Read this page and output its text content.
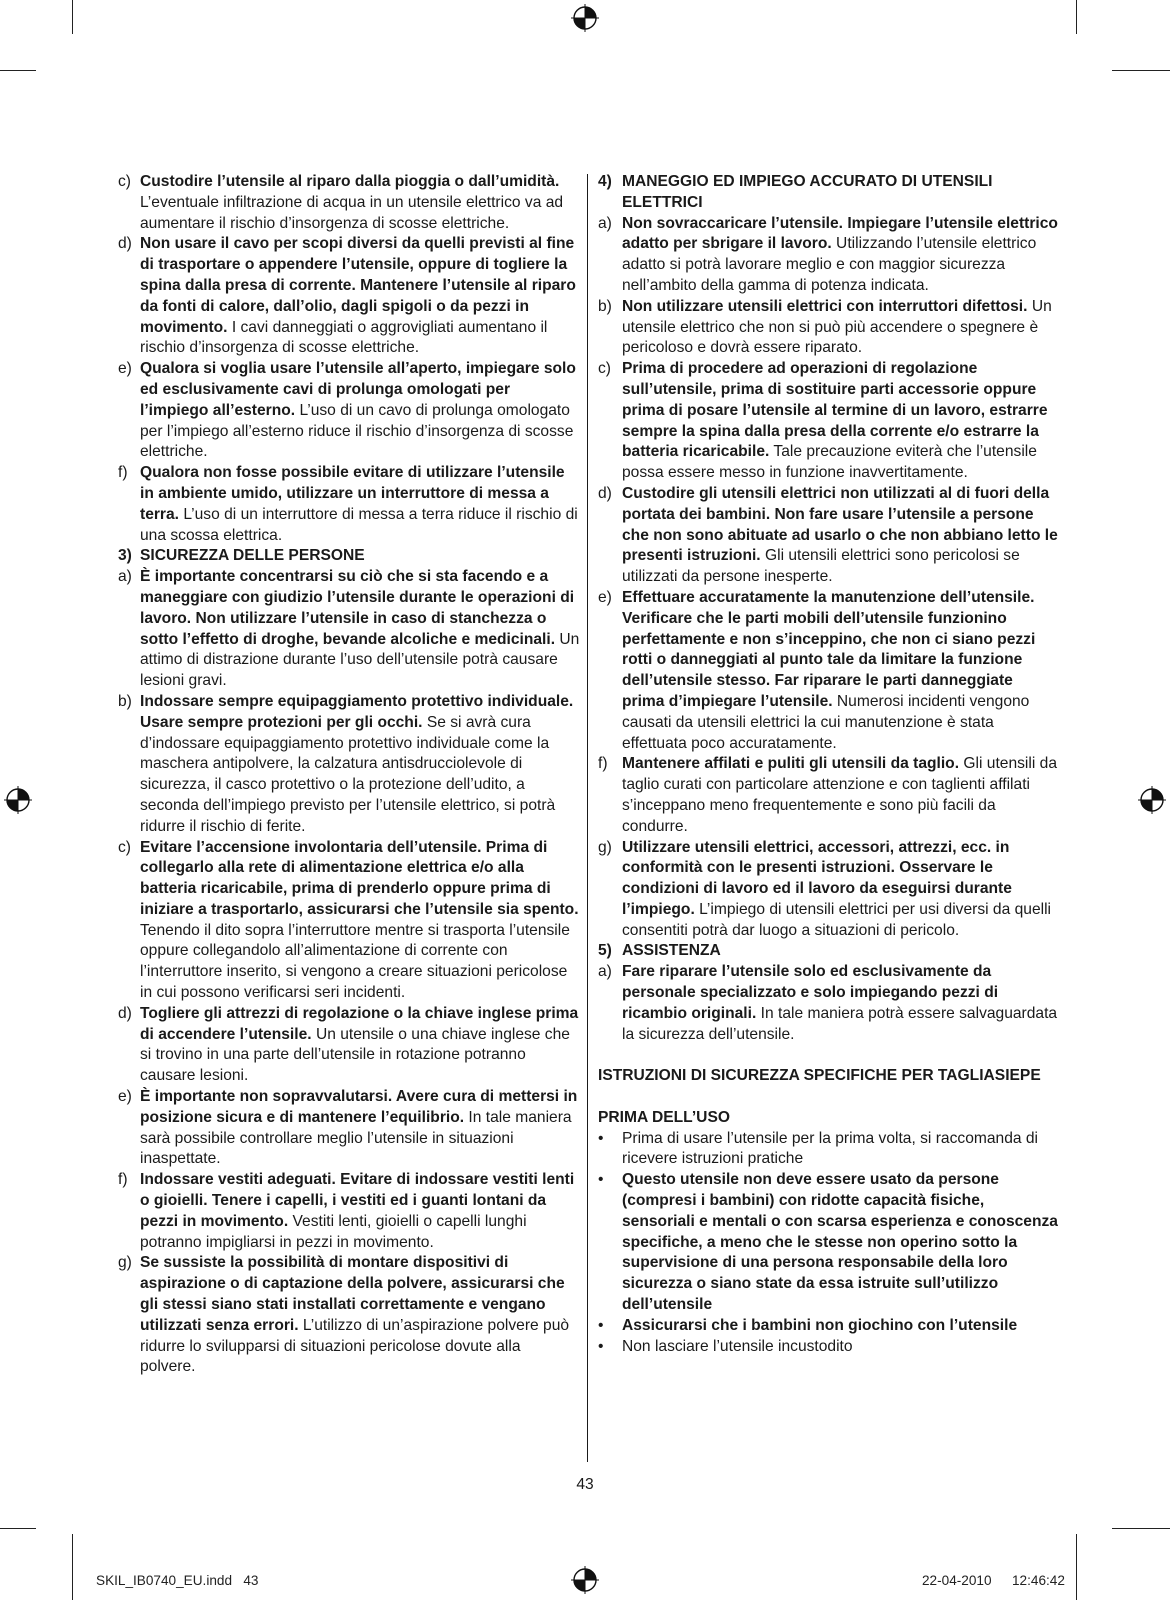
c) Custodire l’utensile al riparo dalla pioggia o dall’umidità. L’eventuale infiltrazione di acqua in un utensile elettrico va ad aumentare il rischio d’insorgenza di scosse elettriche.
d) Non usare il cavo per scopi diversi da quelli previsti al fine di trasportare o appendere l’utensile, oppure di togliere la spina dalla presa di corrente. Mantenere l’utensile al riparo da fonti di calore, dall’olio, dagli spigoli o da pezzi in movimento. I cavi danneggiati o aggrovigliati aumentano il rischio d’insorgenza di scosse elettriche.
e) Qualora si voglia usare l’utensile all’aperto, impiegare solo ed esclusivamente cavi di prolunga omologati per l’impiego all’esterno. L’uso di un cavo di prolunga omologato per l’impiego all’esterno riduce il rischio d’insorgenza di scosse elettriche.
f) Qualora non fosse possibile evitare di utilizzare l’utensile in ambiente umido, utilizzare un interruttore di messa a terra. L’uso di un interruttore di messa a terra riduce il rischio di una scossa elettrica.
3) SICUREZZA DELLE PERSONE
a) È importante concentrarsi su ciò che si sta facendo e a maneggiare con giudizio l’utensile durante le operazioni di lavoro. Non utilizzare l’utensile in caso di stanchezza o sotto l’effetto di droghe, bevande alcoliche e medicinali. Un attimo di distrazione durante l’uso dell’utensile potrà causare lesioni gravi.
b) Indossare sempre equipaggiamento protettivo individuale. Usare sempre protezioni per gli occhi. Se si avrà cura d’indossare equipaggiamento protettivo individuale come la maschera antipolvere, la calzatura antisdrucciolevole di sicurezza, il casco protettivo o la protezione dell’udito, a seconda dell’impiego previsto per l’utensile elettrico, si potrà ridurre il rischio di ferite.
c) Evitare l’accensione involontaria dell’utensile. Prima di collegarlo alla rete di alimentazione elettrica e/o alla batteria ricaricabile, prima di prenderlo oppure prima di iniziare a trasportarlo, assicurarsi che l’utensile sia spento. Tenendo il dito sopra l’interruttore mentre si trasporta l’utensile oppure collegandolo all’alimentazione di corrente con l’interruttore inserito, si vengono a creare situazioni pericolose in cui possono verificarsi seri incidenti.
d) Togliere gli attrezzi di regolazione o la chiave inglese prima di accendere l’utensile. Un utensile o una chiave inglese che si trovino in una parte dell’utensile in rotazione potranno causare lesioni.
e) È importante non sopravvalutarsi. Avere cura di mettersi in posizione sicura e di mantenere l’equilibrio. In tale maniera sarà possibile controllare meglio l’utensile in situazioni inaspettate.
f) Indossare vestiti adeguati. Evitare di indossare vestiti lenti o gioielli. Tenere i capelli, i vestiti ed i guanti lontani da pezzi in movimento. Vestiti lenti, gioielli o capelli lunghi potranno impigliarsi in pezzi in movimento.
g) Se sussiste la possibilità di montare dispositivi di aspirazione o di captazione della polvere, assicurarsi che gli stessi siano stati installati correttamente e vengano utilizzati senza errori. L’utilizzo di un’aspirazione polvere può ridurre lo svilupparsi di situazioni pericolose dovute alla polvere.
4) MANEGGIO ED IMPIEGO ACCURATO DI UTENSILI ELETTRICI
a) Non sovraccaricare l’utensile. Impiegare l’utensile elettrico adatto per sbrigare il lavoro. Utilizzando l’utensile elettrico adatto si potrà lavorare meglio e con maggior sicurezza nell’ambito della gamma di potenza indicata.
b) Non utilizzare utensili elettrici con interruttori difettosi. Un utensile elettrico che non si può più accendere o spegnere è pericoloso e dovrà essere riparato.
c) Prima di procedere ad operazioni di regolazione sull’utensile, prima di sostituire parti accessorie oppure prima di posare l’utensile al termine di un lavoro, estrarre sempre la spina dalla presa della corrente e/o estrarre la batteria ricaricabile. Tale precauzione eviterà che l’utensile possa essere messo in funzione inavvertitamente.
d) Custodire gli utensili elettrici non utilizzati al di fuori della portata dei bambini. Non fare usare l’utensile a persone che non sono abituate ad usarlo o che non abbiano letto le presenti istruzioni. Gli utensili elettrici sono pericolosi se utilizzati da persone inesperte.
e) Effettuare accuratamente la manutenzione dell’utensile. Verificare che le parti mobili dell’utensile funzionino perfettamente e non s’inceppino, che non ci siano pezzi rotti o danneggiati al punto tale da limitare la funzione dell’utensile stesso. Far riparare le parti danneggiate prima d’impiegare l’utensile. Numerosi incidenti vengono causati da utensili elettrici la cui manutenzione è stata effettuata poco accuratamente.
f) Mantenere affilati e puliti gli utensili da taglio. Gli utensili da taglio curati con particolare attenzione e con taglienti affilati s’inceppano meno frequentemente e sono più facili da condurre.
g) Utilizzare utensili elettrici, accessori, attrezzi, ecc. in conformità con le presenti istruzioni. Osservare le condizioni di lavoro ed il lavoro da eseguirsi durante l’impiego. L’impiego di utensili elettrici per usi diversi da quelli consentiti potrà dar luogo a situazioni di pericolo.
5) ASSISTENZA
a) Fare riparare l’utensile solo ed esclusivamente da personale specializzato e solo impiegando pezzi di ricambio originali. In tale maniera potrà essere salvaguardata la sicurezza dell’utensile.
ISTRUZIONI DI SICUREZZA SPECIFICHE PER TAGLIASIEPE
PRIMA DELL’USO
• Prima di usare l’utensile per la prima volta, si raccomanda di ricevere istruzioni pratiche
• Questo utensile non deve essere usato da persone (compresi i bambini) con ridotte capacità fisiche, sensoriali e mentali o con scarsa esperienza e conoscenza specifiche, a meno che le stesse non operino sotto la supervisione di una persona responsabile della loro sicurezza o siano state da essa istruite sull’utilizzo dell’utensile
• Assicurarsi che i bambini non giochino con l’utensile
• Non lasciare l’utensile incustodito
43
SKIL_IB0740_EU.indd   43	22-04-2010 12:46:42
